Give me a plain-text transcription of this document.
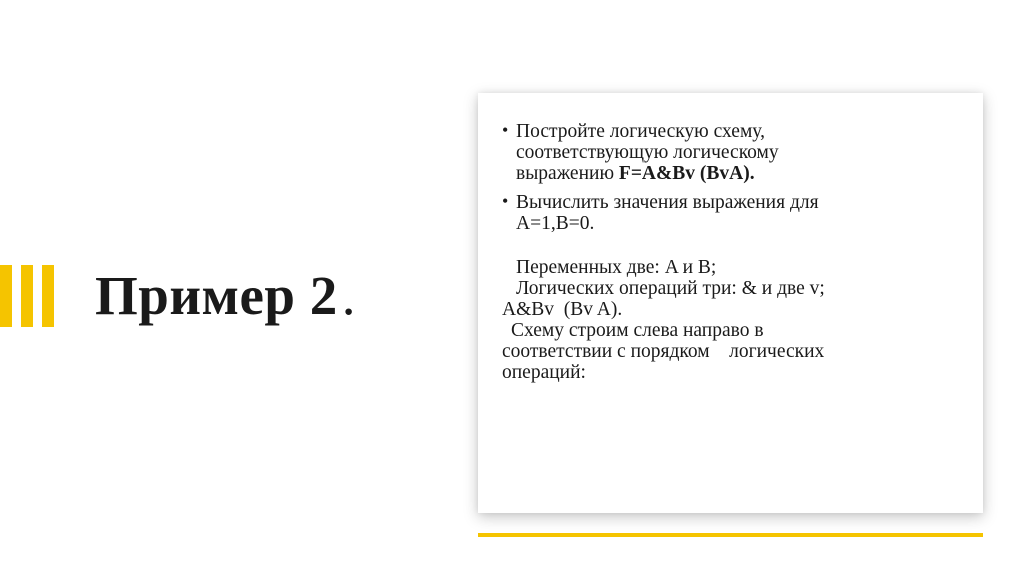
Пример 2.
• Постройте логическую схему,
соответствующую логическому
выражению F=A&Bv (BvA).
• Вычислить значения выражения для
A=1,B=0.
Переменных две: A и B;
Логических операций три: & и две v;
A&Bv  (Bv A).
Схему строим слева направо в
соответствии с порядком    логических
операций:
